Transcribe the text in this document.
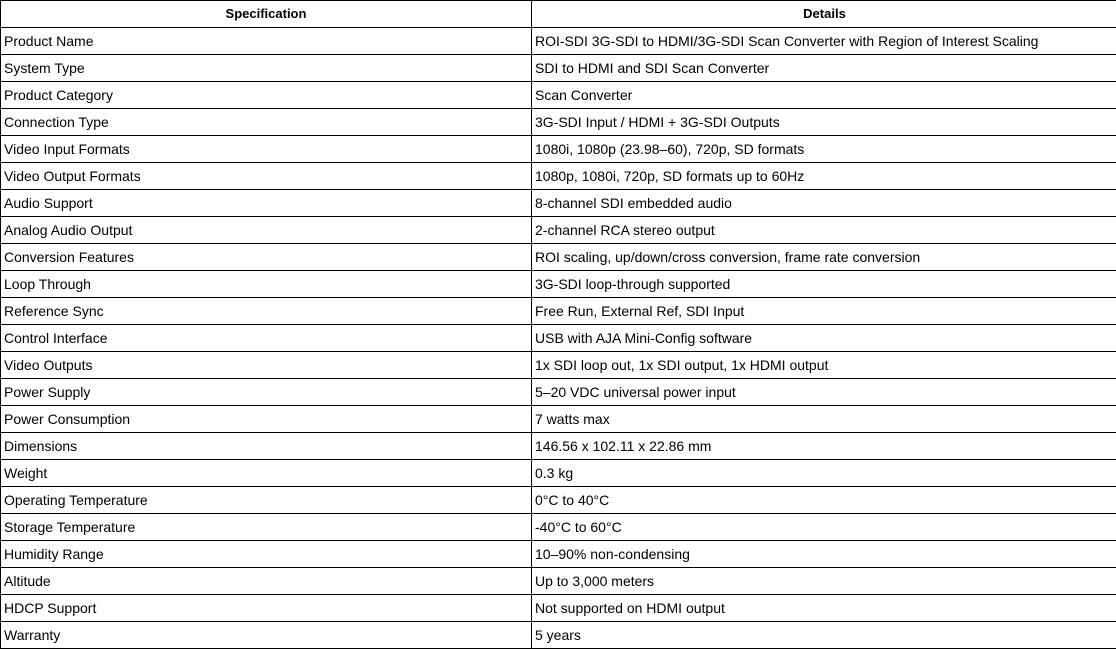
Specification	Details
Product Name	ROI-SDI 3G-SDI to HDMI/3G-SDI Scan Converter with Region of Interest Scaling
System Type	SDI to HDMI and SDI Scan Converter
Product Category	Scan Converter
Connection Type	3G-SDI Input / HDMI + 3G-SDI Outputs
Video Input Formats	1080i, 1080p (23.98–60), 720p, SD formats
Video Output Formats	1080p, 1080i, 720p, SD formats up to 60Hz
Audio Support	8-channel SDI embedded audio
Analog Audio Output	2-channel RCA stereo output
Conversion Features	ROI scaling, up/down/cross conversion, frame rate conversion
Loop Through	3G-SDI loop-through supported
Reference Sync	Free Run, External Ref, SDI Input
Control Interface	USB with AJA Mini-Config software
Video Outputs	1x SDI loop out, 1x SDI output, 1x HDMI output
Power Supply	5–20 VDC universal power input
Power Consumption	7 watts max
Dimensions	146.56 x 102.11 x 22.86 mm
Weight	0.3 kg
Operating Temperature	0°C to 40°C
Storage Temperature	-40°C to 60°C
Humidity Range	10–90% non-condensing
Altitude	Up to 3,000 meters
HDCP Support	Not supported on HDMI output
Warranty	5 years
